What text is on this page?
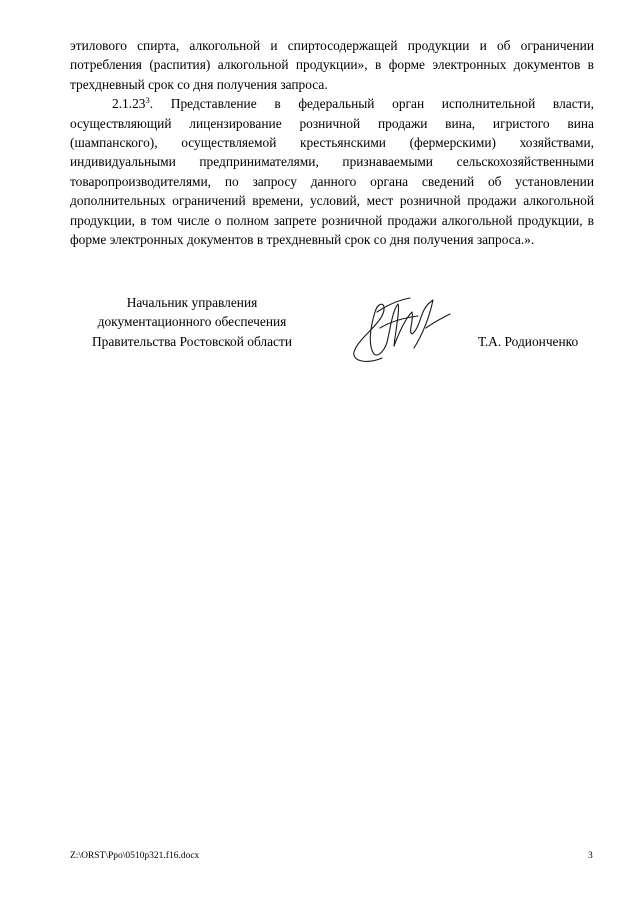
этилового спирта, алкогольной и спиртосодержащей продукции и об ограничении потребления (распития) алкогольной продукции», в форме электронных документов в трехдневный срок со дня получения запроса.

2.1.23$^3$. Представление в федеральный орган исполнительной власти, осуществляющий лицензирование розничной продажи вина, игристого вина (шампанского), осуществляемой крестьянскими (фермерскими) хозяйствами, индивидуальными предпринимателями, признаваемыми сельскохозяйственными товаропроизводителями, по запросу данного органа сведений об установлении дополнительных ограничений времени, условий, мест розничной продажи алкогольной продукции, в том числе о полном запрете розничной продажи алкогольной продукции, в форме электронных документов в трехдневный срок со дня получения запроса.».

Начальник управления
документационного обеспечения
Правительства Ростовской области	Т.А. Родионченко
Z:\ORST\Ppo\0510p321.f16.docx	3
